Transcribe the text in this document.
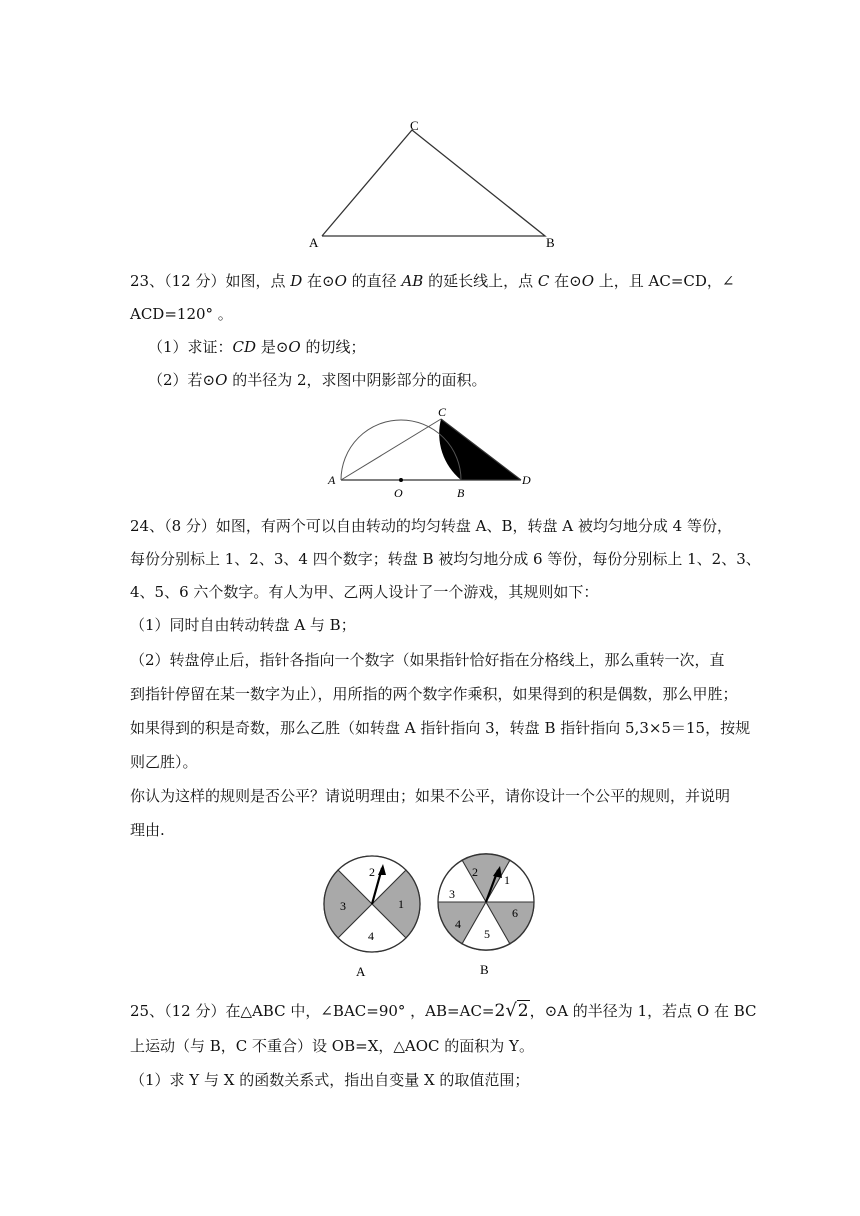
C
A	B
23、（12 分）如图，点 D 在⊙O 的直径 AB 的延长线上，点 C 在⊙O 上，且 AC=CD，∠
ACD=120° 。
（1）求证：CD 是⊙O 的切线；
（2）若⊙O 的半径为 2，求图中阴影部分的面积。
A
O	B
C
D
24、（8 分）如图，有两个可以自由转动的均匀转盘 A、B，转盘 A 被均匀地分成 4 等份，
每份分别标上 1、2、3、4 四个数字；转盘 B 被均匀地分成 6 等份，每份分别标上 1、2、3、
4、5、6 六个数字。有人为甲、乙两人设计了一个游戏，其规则如下：
（1）同时自由转动转盘 A 与 B；
（2）转盘停止后，指针各指向一个数字（如果指针恰好指在分格线上，那么重转一次，直
到指针停留在某一数字为止），用所指的两个数字作乘积，如果得到的积是偶数，那么甲胜；
如果得到的积是奇数，那么乙胜（如转盘 A 指针指向 3，转盘 B 指针指向 5,3×5＝15，按规
则乙胜）。
你认为这样的规则是否公平？请说明理由；如果不公平，请你设计一个公平的规则，并说明
理由.
1
2
3
4
A
1
2
3
4
5
6
B
25、（12 分）在△ABC 中，∠BAC=90° ，AB=AC=2√2，⊙A 的半径为 1，若点 O 在 BC
上运动（与 B，C 不重合）设 OB=X，△AOC 的面积为 Y。
（1）求 Y 与 X 的函数关系式，指出自变量 X 的取值范围；
